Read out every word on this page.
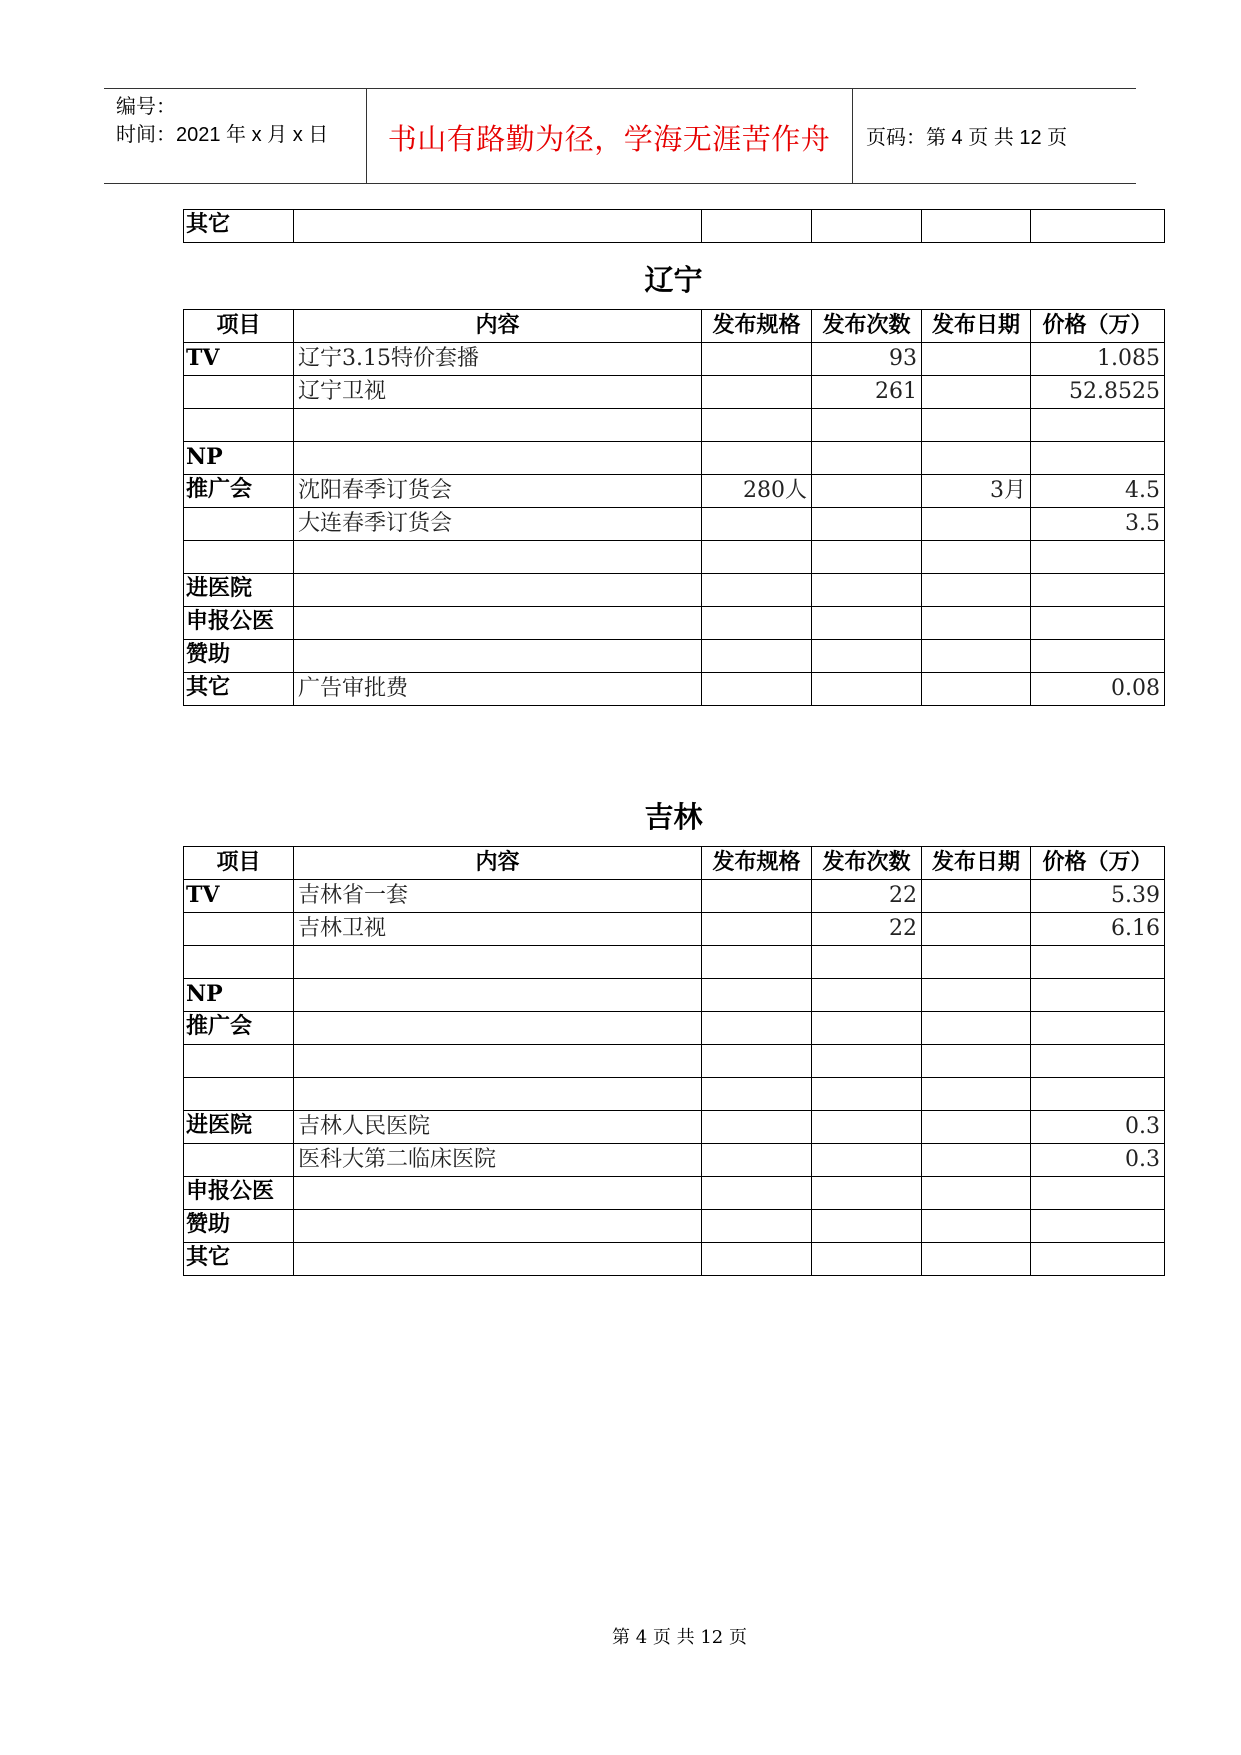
编号：
时间：2021 年 x 月 x 日	书山有路勤为径，学海无涯苦作舟	页码：第 4 页 共 12 页
其它					
辽宁
项目	内容	发布规格	发布次数	发布日期	价格（万）
TV	辽宁3.15特价套播		93		1.085
	辽宁卫视		261		52.8525

NP					
推广会	沈阳春季订货会	280人		3月	4.5
	大连春季订货会				3.5

进医院					
申报公医					
赞助					
其它	广告审批费				0.08
吉林
项目	内容	发布规格	发布次数	发布日期	价格（万）
TV	吉林省一套		22		5.39
	吉林卫视		22		6.16

NP					
推广会					

进医院	吉林人民医院				0.3
	医科大第二临床医院				0.3
申报公医					
赞助					
其它					
第 4 页 共 12 页
